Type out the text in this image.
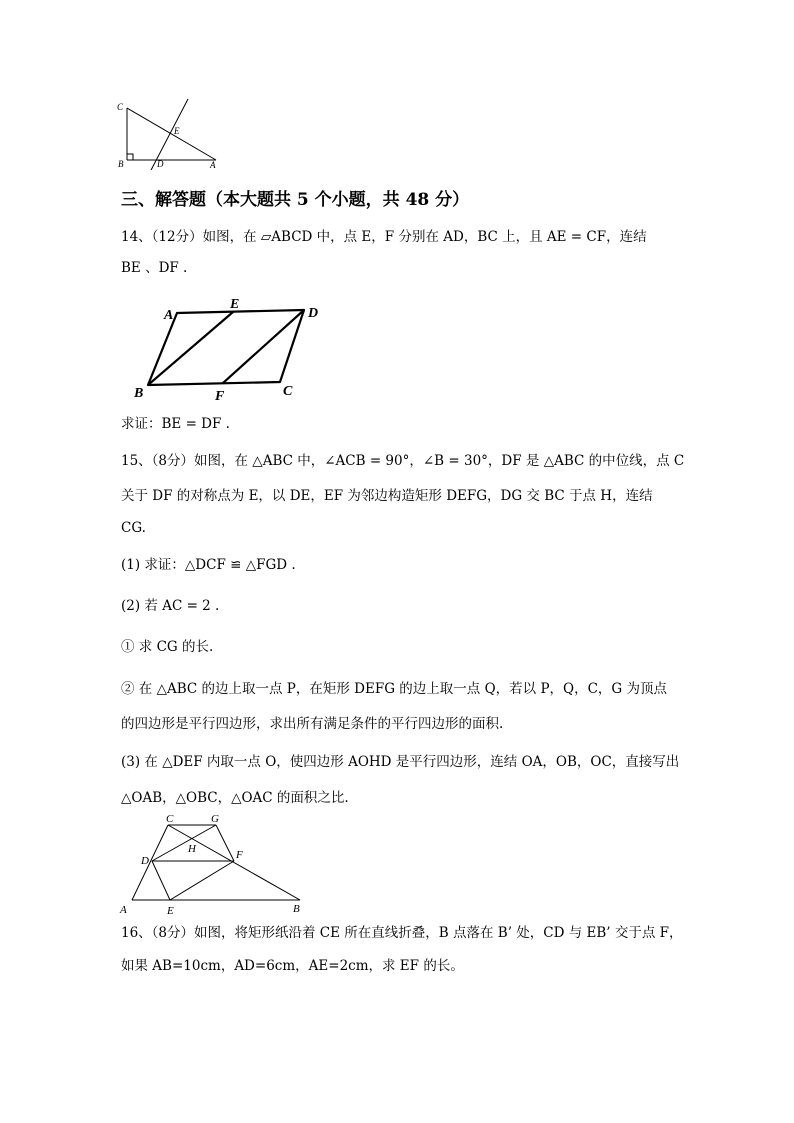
C
E
B	D	A
三、解答题（本大题共 5 个小题，共 48 分）
14、（12分）如图，在 ▱ABCD 中，点 E，F 分别在 AD，BC 上，且 AE = CF，连结
BE 、DF .
A
E
D
B	F	C
求证：BE = DF .
15、（8分）如图，在 △ABC 中，∠ACB = 90°，∠B = 30°，DF 是 △ABC 的中位线，点 C
关于 DF 的对称点为 E，以 DE，EF 为邻边构造矩形 DEFG，DG 交 BC 于点 H，连结
CG.
(1) 求证：△DCF ≌ △FGD .
(2) 若 AC = 2 .
① 求 CG 的长.
② 在 △ABC 的边上取一点 P，在矩形 DEFG 的边上取一点 Q，若以 P，Q，C，G 为顶点
的四边形是平行四边形，求出所有满足条件的平行四边形的面积.
(3) 在 △DEF 内取一点 O，使四边形 AOHD 是平行四边形，连结 OA，OB，OC，直接写出
△OAB，△OBC，△OAC 的面积之比.
C	G
H
D	F
A	E	B
16、（8分）如图，将矩形纸沿着 CE 所在直线折叠，B 点落在 B’ 处，CD 与 EB’ 交于点 F，
如果 AB=10cm，AD=6cm，AE=2cm，求 EF 的长。
